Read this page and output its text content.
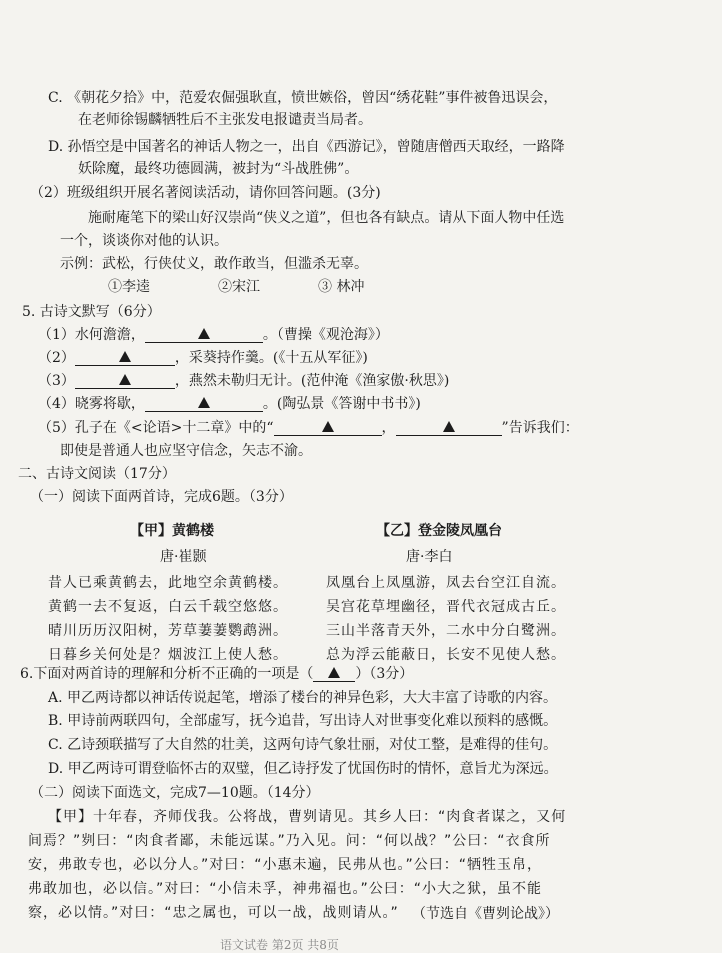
C. 《朝花夕拾》中，范爱农倔强耿直，愤世嫉俗，曾因“绣花鞋”事件被鲁迅误会，
在老师徐锡麟牺牲后不主张发电报谴责当局者。
D. 孙悟空是中国著名的神话人物之一，出自《西游记》，曾随唐僧西天取经，一路降
妖除魔，最终功德圆满，被封为“斗战胜佛”。
（2）班级组织开展名著阅读活动，请你回答问题。(3分)
施耐庵笔下的梁山好汉崇尚“侠义之道”，但也各有缺点。请从下面人物中任选
一个，谈谈你对他的认识。
示例：武松，行侠仗义，敢作敢当，但滥杀无辜。
①李逵	②宋江	③ 林冲
5. 古诗文默写（6分）
（1）水何澹澹，	。（曹操《观沧海》）
（2）	，采葵持作羹。(《十五从军征》)
（3）	，燕然未勒归无计。(范仲淹《渔家傲·秋思》)
（4）晓雾将歇，	。(陶弘景《答谢中书书》)
（5）孔子在《<论语>十二章》中的“	，	”告诉我们：
即使是普通人也应坚守信念，矢志不渝。
二、古诗文阅读（17分）
（一）阅读下面两首诗，完成6题。（3分）
【甲】黄鹤楼
唐·崔颢
昔人已乘黄鹤去，此地空余黄鹤楼。
黄鹤一去不复返，白云千载空悠悠。
晴川历历汉阳树，芳草萋萋鹦鹉洲。
日暮乡关何处是？烟波江上使人愁。
【乙】登金陵凤凰台
唐·李白
凤凰台上凤凰游，凤去台空江自流。
吴宫花草埋幽径，晋代衣冠成古丘。
三山半落青天外，二水中分白鹭洲。
总为浮云能蔽日，长安不见使人愁。
6.下面对两首诗的理解和分析不正确的一项是（	）（3分）
A. 甲乙两诗都以神话传说起笔，增添了楼台的神异色彩，大大丰富了诗歌的内容。
B. 甲诗前两联四句，全部虚写，抚今追昔，写出诗人对世事变化难以预料的感慨。
C. 乙诗颈联描写了大自然的壮美，这两句诗气象壮丽，对仗工整，是难得的佳句。
D. 甲乙两诗可谓登临怀古的双璧，但乙诗抒发了忧国伤时的情怀，意旨尤为深远。
（二）阅读下面选文，完成7—10题。（14分）
【甲】十年春，齐师伐我。公将战，曹刿请见。其乡人曰：“肉食者谋之，又何
间焉？”刿曰：“肉食者鄙，未能远谋。”乃入见。问：“何以战？”公曰：“衣食所
安，弗敢专也，必以分人。”对曰：“小惠未遍，民弗从也。”公曰：“牺牲玉帛，
弗敢加也，必以信。”对曰：“小信未孚，神弗福也。”公曰：“小大之狱，虽不能
察，必以情。”对曰：“忠之属也，可以一战，战则请从。” （节选自《曹刿论战》）
语文试卷 第2页 共8页
